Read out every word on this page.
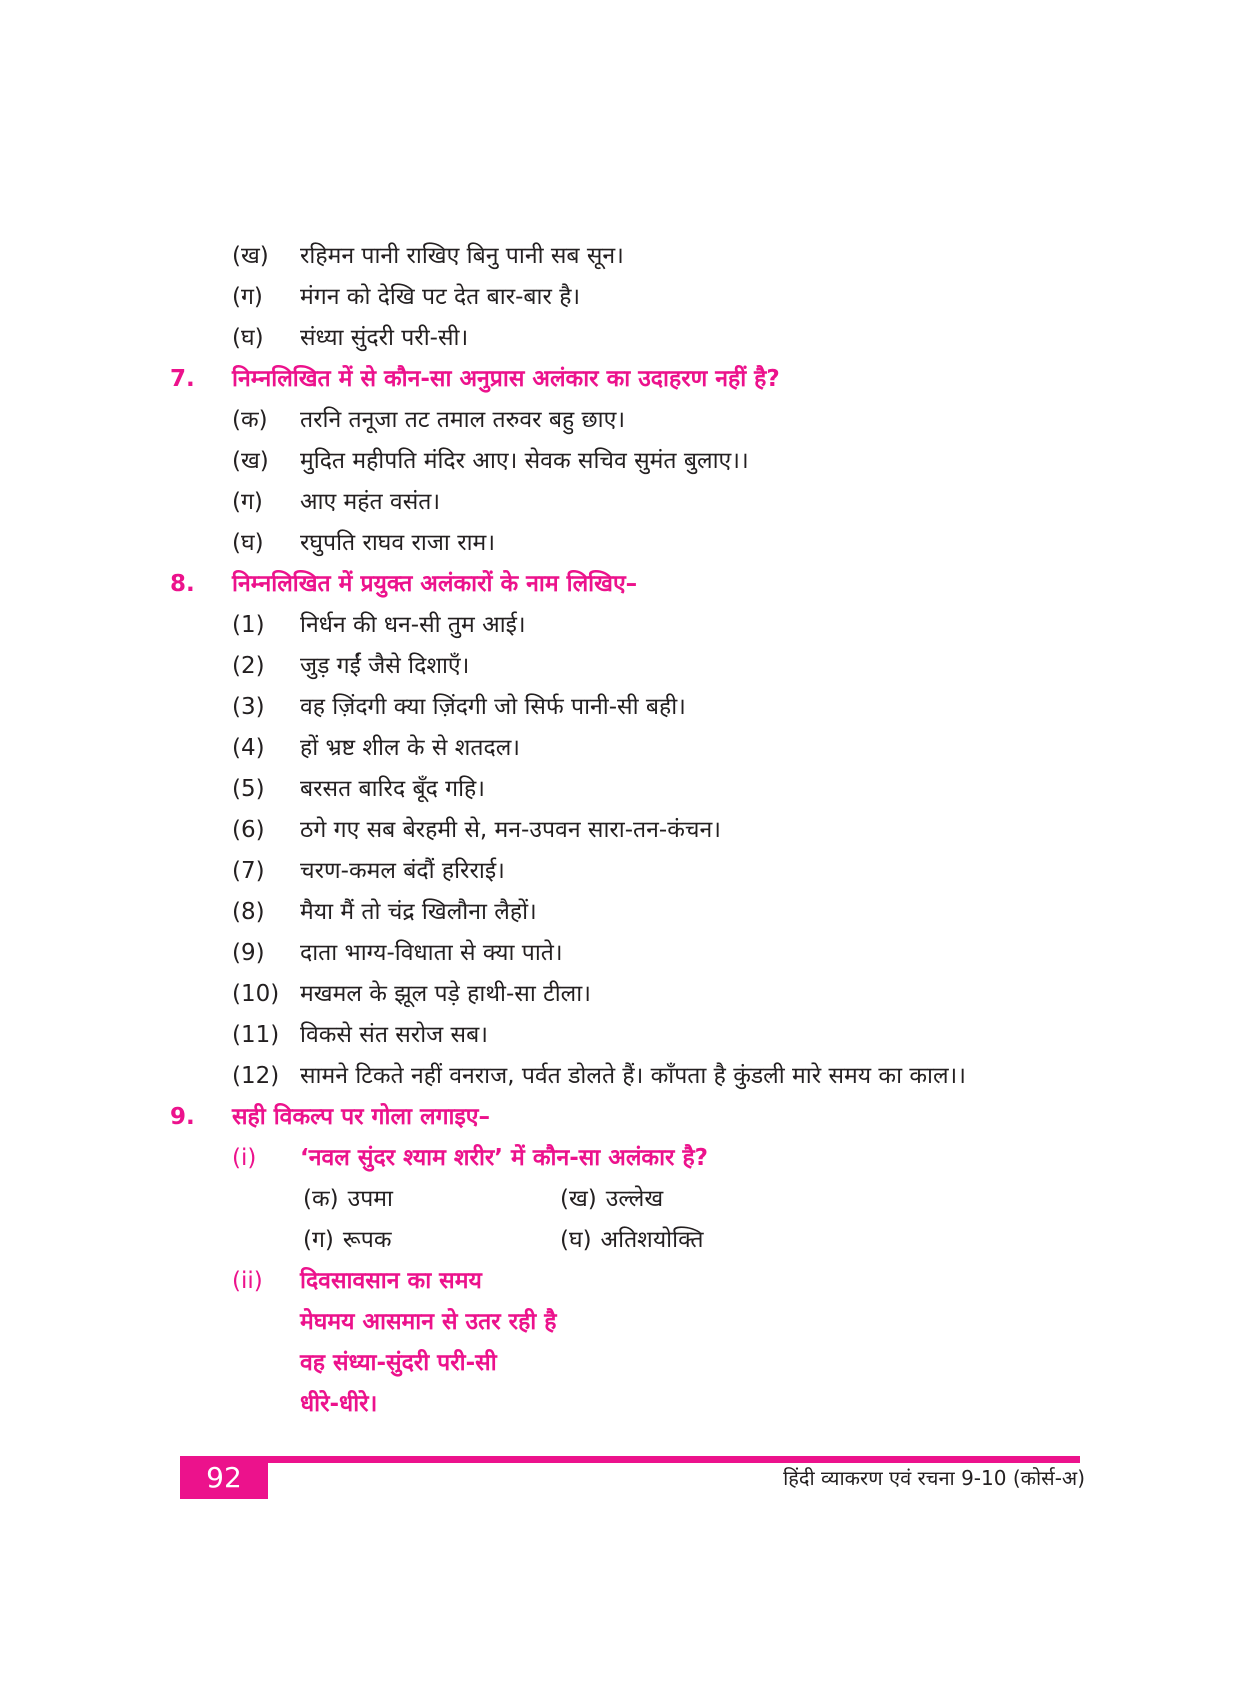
(ख)	रहिमन पानी राखिए बिनु पानी सब सून।
(ग)	मंगन को देखि पट देत बार-बार है।
(घ)	संध्या सुंदरी परी-सी।
7.	निम्नलिखित में से कौन-सा अनुप्रास अलंकार का उदाहरण नहीं है?
(क)	तरनि तनूजा तट तमाल तरुवर बहु छाए।
(ख)	मुदित महीपति मंदिर आए। सेवक सचिव सुमंत बुलाए।।
(ग)	आए महंत वसंत।
(घ)	रघुपति राघव राजा राम।
8.	निम्नलिखित में प्रयुक्त अलंकारों के नाम लिखिए–
(1)	निर्धन की धन-सी तुम आई।
(2)	जुड़ गईं जैसे दिशाएँ।
(3)	वह ज़िंदगी क्या ज़िंदगी जो सिर्फ पानी-सी बही।
(4)	हों भ्रष्ट शील के से शतदल।
(5)	बरसत बारिद बूँद गहि।
(6)	ठगे गए सब बेरहमी से, मन-उपवन सारा-तन-कंचन।
(7)	चरण-कमल बंदौं हरिराई।
(8)	मैया मैं तो चंद्र खिलौना लैहों।
(9)	दाता भाग्य-विधाता से क्या पाते।
(10) मखमल के झूल पड़े हाथी-सा टीला।
(11) विकसे संत सरोज सब।
(12) सामने टिकते नहीं वनराज, पर्वत डोलते हैं। काँपता है कुंडली मारे समय का काल।।
9.	सही विकल्प पर गोला लगाइए–
(i)	‘नवल सुंदर श्याम शरीर’ में कौन-सा अलंकार है?
(क) उपमा	(ख) उल्लेख
(ग) रूपक	(घ) अतिशयोक्ति
(ii)	दिवसावसान का समय
मेघमय आसमान से उतर रही है
वह संध्या-सुंदरी परी-सी
धीरे-धीरे।
92	हिंदी व्याकरण एवं रचना 9-10 (कोर्स-अ)
